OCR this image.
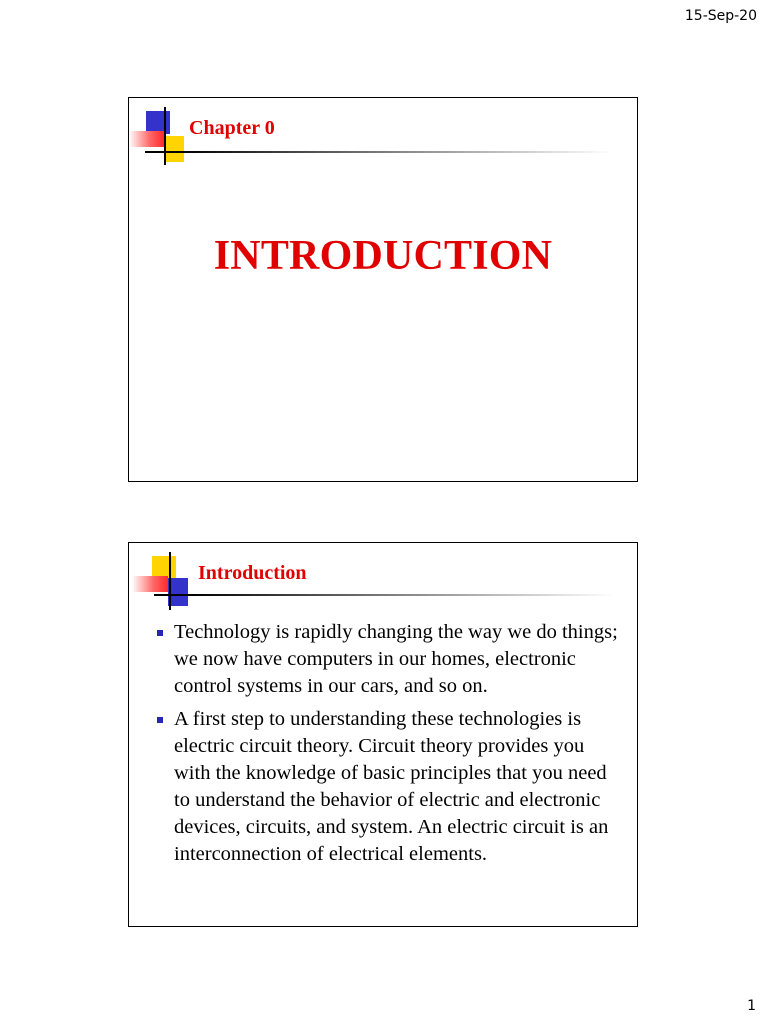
15-Sep-20
Chapter 0
INTRODUCTION
Introduction
Technology is rapidly changing the way we do things; we now have computers in our homes, electronic control systems in our cars, and so on.
A first step to understanding these technologies is electric circuit theory. Circuit theory provides you with the knowledge of basic principles that you need to understand the behavior of electric and electronic devices, circuits, and system. An electric circuit is an interconnection of electrical elements.
1
